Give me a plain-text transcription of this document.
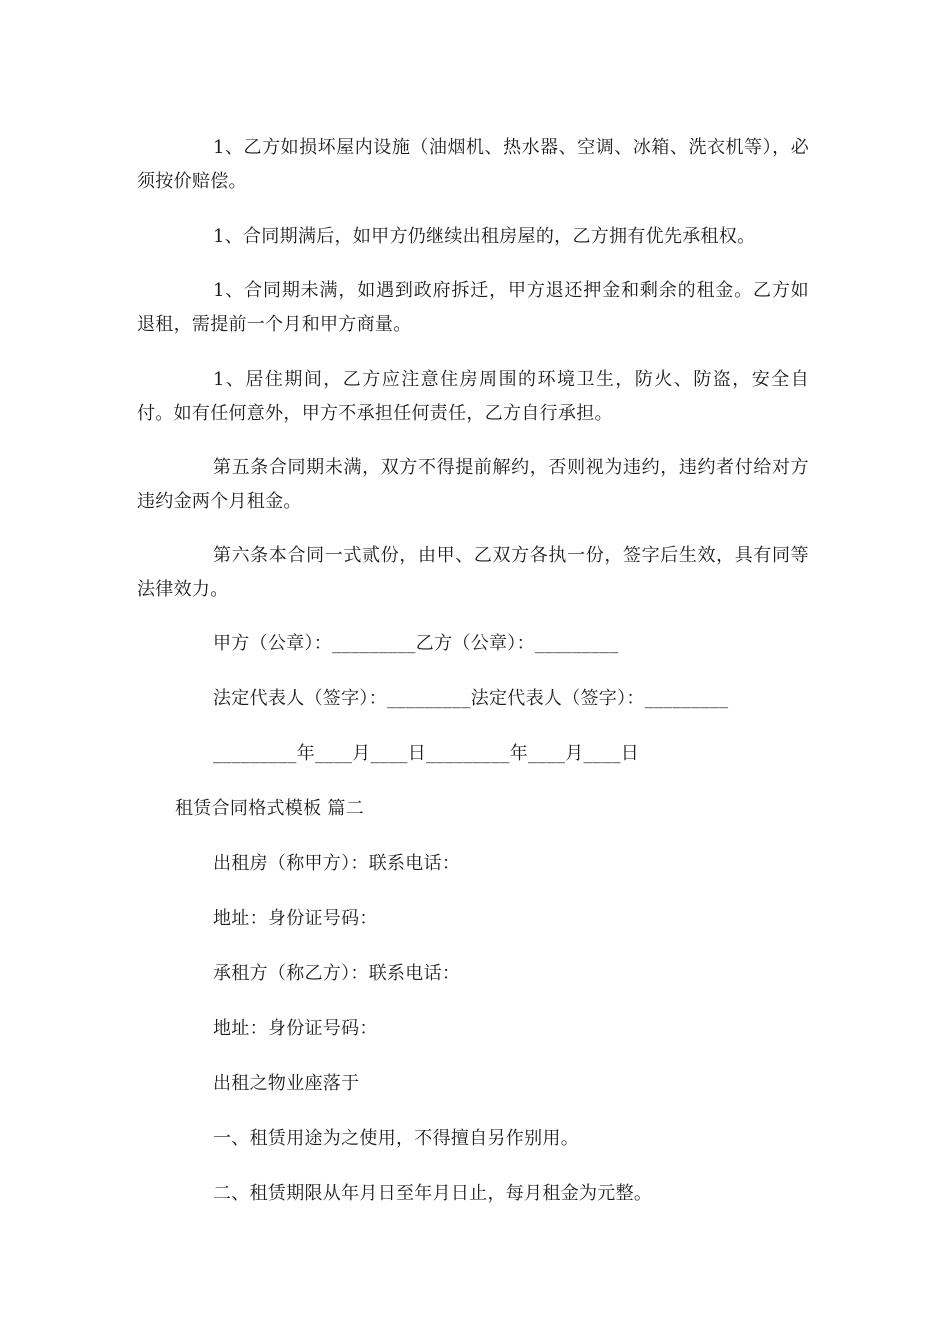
1、乙方如损坏屋内设施（油烟机、热水器、空调、冰箱、洗衣机等），必须按价赔偿。

1、合同期满后，如甲方仍继续出租房屋的，乙方拥有优先承租权。

1、合同期未满，如遇到政府拆迁，甲方退还押金和剩余的租金。乙方如退租，需提前一个月和甲方商量。

1、居住期间，乙方应注意住房周围的环境卫生，防火、防盗，安全自付。如有任何意外，甲方不承担任何责任，乙方自行承担。

第五条合同期未满，双方不得提前解约，否则视为违约，违约者付给对方违约金两个月租金。

第六条本合同一式贰份，由甲、乙双方各执一份，签字后生效，具有同等法律效力。

甲方（公章）：_________乙方（公章）：_________

法定代表人（签字）：_________法定代表人（签字）：_________

_________年____月____日_________年____月____日

租赁合同格式模板 篇二

出租房（称甲方）：联系电话：

地址：身份证号码：

承租方（称乙方）：联系电话：

地址：身份证号码：

出租之物业座落于

一、租赁用途为之使用，不得擅自另作别用。

二、租赁期限从年月日至年月日止，每月租金为元整。
